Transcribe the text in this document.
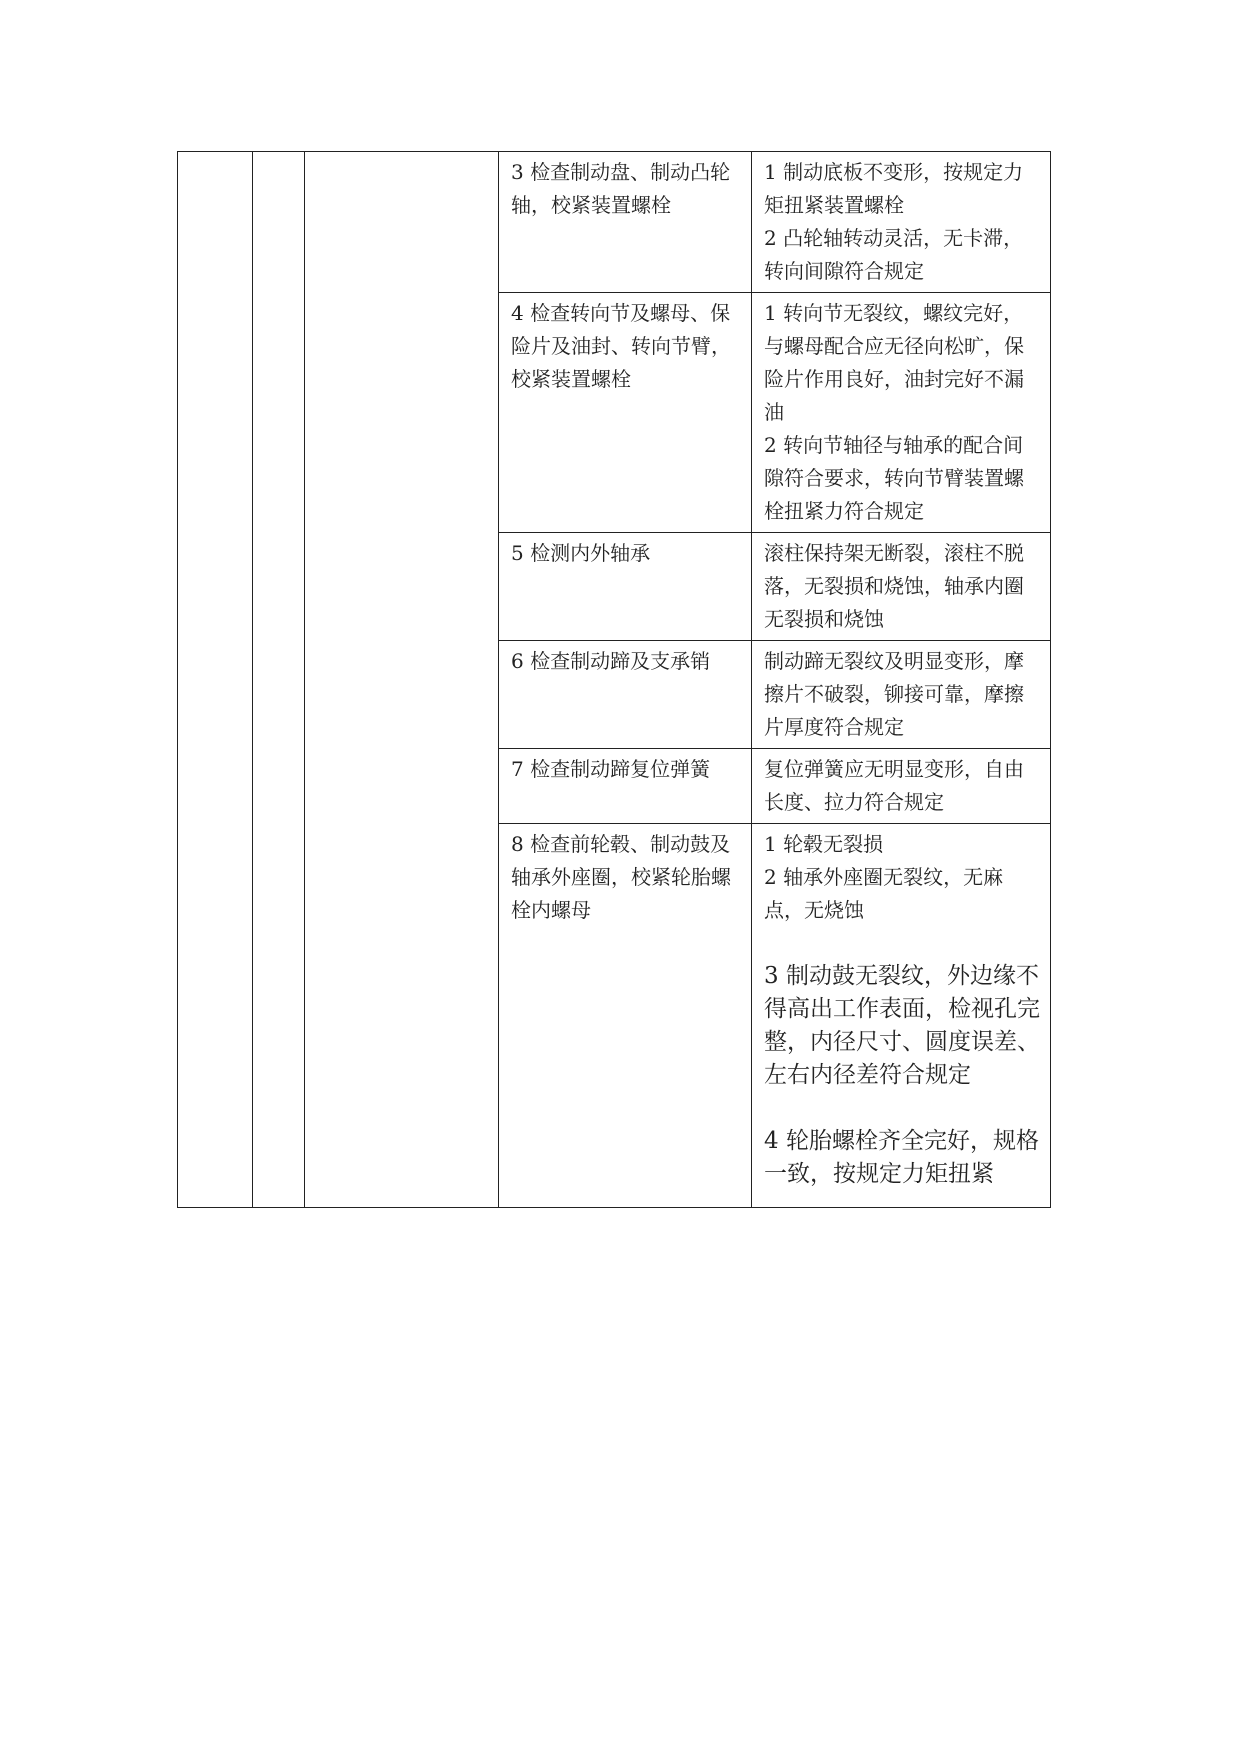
			3 检查制动盘、制动凸轮轴，校紧装置螺栓	1 制动底板不变形，按规定力矩扭紧装置螺栓
2 凸轮轴转动灵活，无卡滞，转向间隙符合规定

			4 检查转向节及螺母、保险片及油封、转向节臂，校紧装置螺栓	1 转向节无裂纹，螺纹完好，与螺母配合应无径向松旷，保险片作用良好，油封完好不漏油
2 转向节轴径与轴承的配合间隙符合要求，转向节臂装置螺栓扭紧力符合规定

			5 检测内外轴承	滚柱保持架无断裂，滚柱不脱落，无裂损和烧蚀，轴承内圈无裂损和烧蚀

			6 检查制动蹄及支承销	制动蹄无裂纹及明显变形，摩擦片不破裂，铆接可靠，摩擦片厚度符合规定

			7 检查制动蹄复位弹簧	复位弹簧应无明显变形，自由长度、拉力符合规定

			8 检查前轮毂、制动鼓及轴承外座圈，校紧轮胎螺栓内螺母	1 轮毂无裂损
2 轴承外座圈无裂纹，无麻点，无烧蚀
3 制动鼓无裂纹，外边缘不得高出工作表面，检视孔完整，内径尺寸、圆度误差、左右内径差符合规定
4 轮胎螺栓齐全完好，规格一致，按规定力矩扭紧
